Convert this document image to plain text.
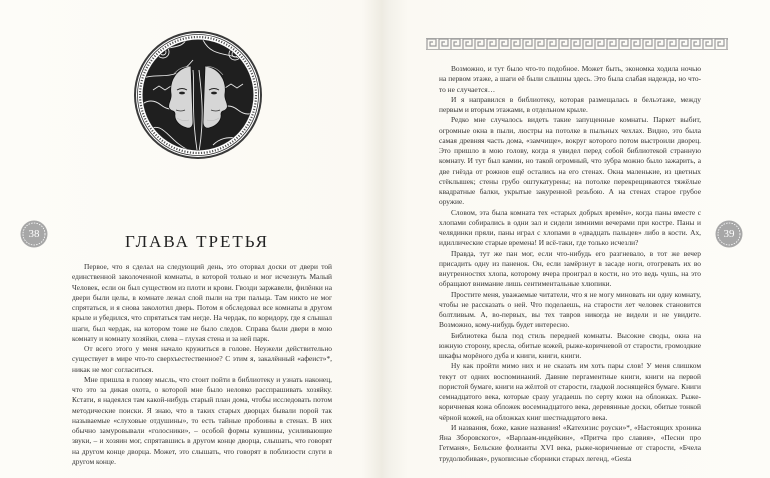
ГЛАВА ТРЕТЬЯ

Первое, что я сделал на следующий день, это оторвал доски от двери той единственной заколоченной комнаты, в которой только и мог исчезнуть Малый Человек, если он был существом из плоти и крови. Гвозди заржавели, филёнки на двери были целы, в комнате лежал слой пыли на три пальца. Там никто не мог спрятаться, и я снова заколотил дверь. Потом я обследовал все комнаты в другом крыле и убедился, что спрятаться там негде. На чердак, по коридору, где я слышал шаги, был чердак, на котором тоже не было следов. Справа были двери в мою комнату и комнату хозяйки, слева – глухая стена и за ней парк.

От всего этого у меня начало кружиться в голове. Неужели действительно существует в мире что-то сверхъестественное? С этим я, закалённый «афеист»*, никак не мог согласиться.

Мне пришла в голову мысль, что стоит пойти в библиотеку и узнать наконец, что это за дикая охота, о которой мне было неловко расспрашивать хозяйку. Кстати, я надеялся там какой-нибудь старый план дома, чтобы исследовать потом методические поиски. Я знаю, что в таких старых дворцах бывали порой так называемые «слуховые отдушины», то есть тайные пробоины в стенах. В них обычно замуровывали «голосники», – особой формы кувшины, усиливающие звуки, – и хозяин мог, спрятавшись в другом конце дворца, слышать, что говорят на другом конце дворца. Может, это слышать, что говорят в поблизости слуги в другом конце.

38

Возможно, и тут было что-то подобное. Может быть, экономка ходила ночью на первом этаже, а шаги её были слышны здесь. Это была слабая надежда, но что-то не случается…

И я направился в библиотеку, которая размещалась в бельэтаже, между первым и вторым этажами, в отдельном крыле.

Редко мне случалось видеть такие запущенные комнаты. Паркет выбит, огромные окна в пыли, люстры на потолке в пыльных чехлах. Видно, это была самая древняя часть дома, «замчище», вокруг которого потом выстроили дворец. Это пришло в мою голову, когда я увидел перед собой библиотекой странную комнату. И тут был камин, но такой огромный, что зубра можно было зажарить, а две гнёзда от рожнов ещё остались на его стенах. Окна маленькие, из цветных стёклышек; стены грубо оштукатурены; на потолке перекрещиваются тяжёлые квадратные балки, укрытые закуренной резьбою. А на стенах старое грубое оружие.

Словом, эта была комната тех «старых добрых времён», когда паны вместе с хлопами собирались в одни зал и сидели зимними вечерами при костре. Паны и челядинки пряли, паны играл с хлопами в «двадцать пальцев» либо в кости. Ах, идиллические старые времена! И всё-таки, где только исчезли?

Правда, тут же пан мог, если что-нибудь его разгневало, в тот же вечер присадить одну из паненок. Он, если замёрзнут в засаде ноги, отогревать их во внутренностях хлопа, которому вчера проиграл в кости, но это ведь чушь, на это обращают внимание лишь сентиментальные хлюпики.

Простите меня, уважаемые читатели, что я не могу миновать ни одну комнату, чтобы не рассказать о ней. Что поделаешь, на старости лет человек становится болтливым. А, во-первых, вы тех тавров никогда не видели и не увидите. Возможно, кому-нибудь будет интересно.

Библиотека была под стиль передней комнаты. Высокие своды, окна на южную сторону, кресла, обитые кожей, рыже-коричневой от старости, громоздкие шкафы морёного дуба и книги, книги, книги.

Ну как пройти мимо них и не сказать им хоть пары слов! У меня слишком текут от одних воспоминаний. Давние пергаментные книги, книги на первой пористой бумаге, книги на жёлтой от старости, гладкой лоснящейся бумаге. Книги семнадцатого века, которые сразу угадаешь по серту кожи на обложках. Рыже-коричневая кожа обложек восемнадцатого века, деревянные доски, обитые тонкой чёрной кожей, на обложках книг шестнадцатого века.

И названия, боже, какие названия! «Катехизис роуски»*, «Настоящих хроника Яна Зборовского», «Варлаам-индейкин», «Притча про славия», «Песни про Гетманя», Бельские фолианты XVI века, рыже-коричневые от старости, «Бчела трудолюбивая», рукописные сборники старых легенд, «Gesta

39
